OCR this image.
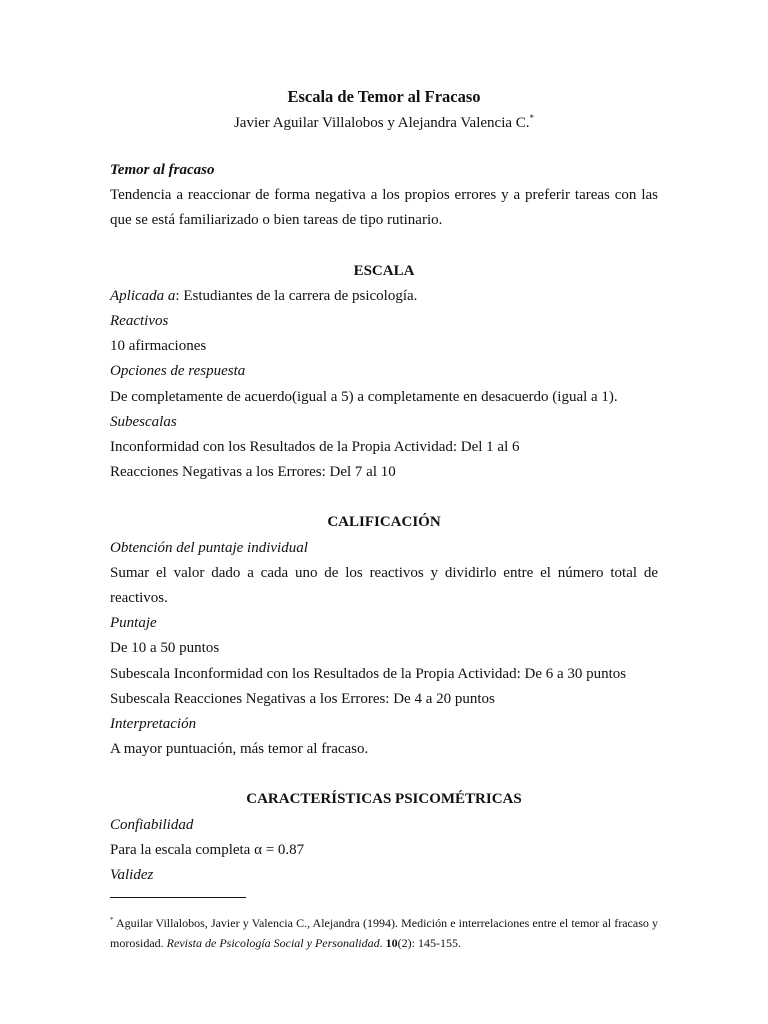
Escala de Temor al Fracaso

Javier Aguilar Villalobos y Alejandra Valencia C.*

Temor al fracaso

Tendencia a reaccionar de forma negativa a los propios errores y a preferir tareas con las que se está familiarizado o bien tareas de tipo rutinario.

ESCALA

Aplicada a: Estudiantes de la carrera de psicología.

Reactivos

10 afirmaciones

Opciones de respuesta

De completamente de acuerdo(igual a 5) a completamente en desacuerdo (igual a 1).

Subescalas

Inconformidad con los Resultados de la Propia Actividad: Del 1 al 6

Reacciones Negativas a los Errores: Del 7 al 10

CALIFICACIÓN

Obtención del puntaje individual

Sumar el valor dado a cada uno de los reactivos y dividirlo entre el número total de reactivos.

Puntaje

De 10 a 50 puntos

Subescala Inconformidad con los Resultados de la Propia Actividad: De 6 a 30 puntos

Subescala Reacciones Negativas a los Errores: De 4 a 20 puntos

Interpretación

A mayor puntuación, más temor al fracaso.

CARACTERÍSTICAS PSICOMÉTRICAS

Confiabilidad

Para la escala completa α = 0.87

Validez

* Aguilar Villalobos, Javier y Valencia C., Alejandra (1994). Medición e interrelaciones entre el temor al fracaso y morosidad. Revista de Psicología Social y Personalidad. 10(2): 145-155.
